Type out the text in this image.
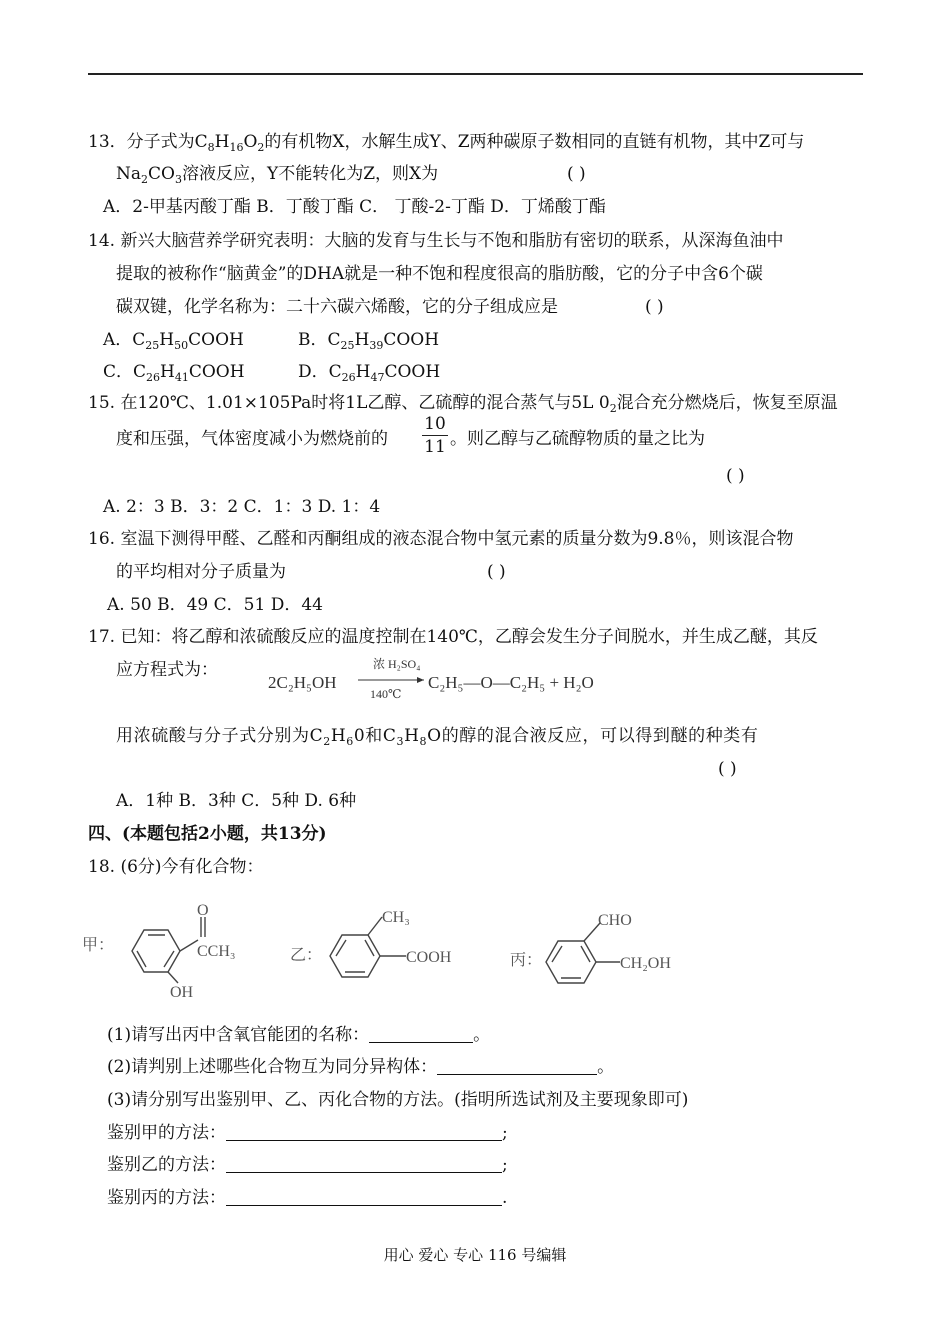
13．分子式为$C_8H_{16}O_2$的有机物X，水解生成Y、Z两种碳原子数相同的直链有机物，其中Z可与
$Na_2CO_3$溶液反应，Y不能转化为Z，则X为	( )
A．2-甲基丙酸丁酯 B．丁酸丁酯 C． 丁酸-2-丁酯 D．丁烯酸丁酯
14. 新兴大脑营养学研究表明：大脑的发育与生长与不饱和脂肪有密切的联系，从深海鱼油中
提取的被称作“脑黄金”的DHA就是一种不饱和程度很高的脂肪酸，它的分子中含6个碳
碳双键，化学名称为：二十六碳六烯酸，它的分子组成应是	( )
A．$C_{25}H_{50}COOH$	B．$C_{25}H_{39}COOH$
C．$C_{26}H_{41}COOH$	D．$C_{26}H_{47}COOH$
15. 在120℃、1.01×105Pa时将1L乙醇、乙硫醇的混合蒸气与5L $0_2$混合充分燃烧后，恢复至原温
度和压强，气体密度减小为燃烧前的
10
11 。则乙醇与乙硫醇物质的量之比为
( )
A. 2：3 B．3：2 C．1：3 D. 1：4
16. 室温下测得甲醛、乙醛和丙酮组成的液态混合物中氢元素的质量分数为9.8％，则该混合物
的平均相对分子质量为	( )
A. 50 B．49 C．51 D．44
17. 已知：将乙醇和浓硫酸反应的温度控制在140℃，乙醇会发生分子间脱水，并生成乙醚，其反
应方程式为：
2C₂H₅OH
浓 H₂SO₄
140℃
C₂H₅—O—C₂H₅ + H₂O
用浓硫酸与分子式分别为$C_2H_60$和$C_3H_8O$的醇的混合液反应，可以得到醚的种类有
( )
A．1种 B．3种 C．5种 D. 6种
四、(本题包括2小题，共13分)
18. (6分)今有化合物：
甲：
O
CCH₃
OH
乙：
CH₃
COOH	丙：
CHO
CH₂OH
(1)请写出丙中含氧官能团的名称：	。
(2)请判别上述哪些化合物互为同分异构体：	。
(3)请分别写出鉴别甲、乙、丙化合物的方法。(指明所选试剂及主要现象即可)
鉴别甲的方法：	;
鉴别乙的方法：	;
鉴别丙的方法：	.
用心 爱心 专心 116 号编辑
